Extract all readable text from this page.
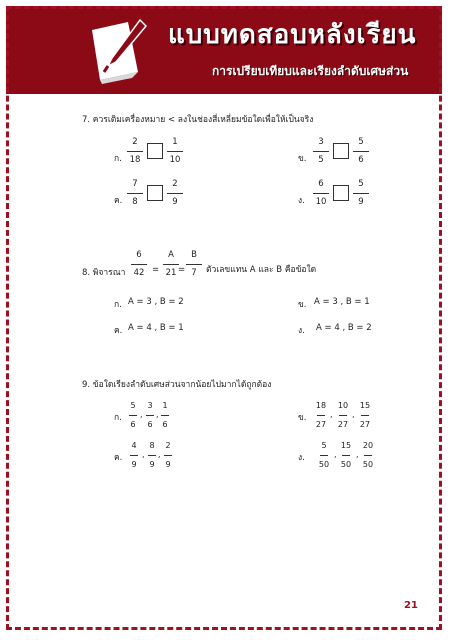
แบบทดสอบหลังเรียน
การเปรียบเทียบและเรียงลำดับเศษส่วน
7. ควรเติมเครื่องหมาย < ลงในช่องสี่เหลี่ยมข้อใดเพื่อให้เป็นจริง
ก.
2
18
1
10	ข.
3
5
5
6
ค.
7
8
2
9	ง.
6
10
5
9
8. พิจารณา
6
42 =
A
21 =
B
7 ตัวเลขแทน A และ B คือข้อใด
ก. A = 3 , B = 2	ข. A = 3 , B = 1
ค. A = 4 , B = 1	ง. A = 4 , B = 2
9. ข้อใดเรียงลำดับเศษส่วนจากน้อยไปมากได้ถูกต้อง
ก.
5
6
,
3
6
,
1
6
ข.
18
27
,
10
27
,
15
27
ค.
4
9
,
8
9
,
2
9
ง.
5
50
,
15
50
,
20
50
21
